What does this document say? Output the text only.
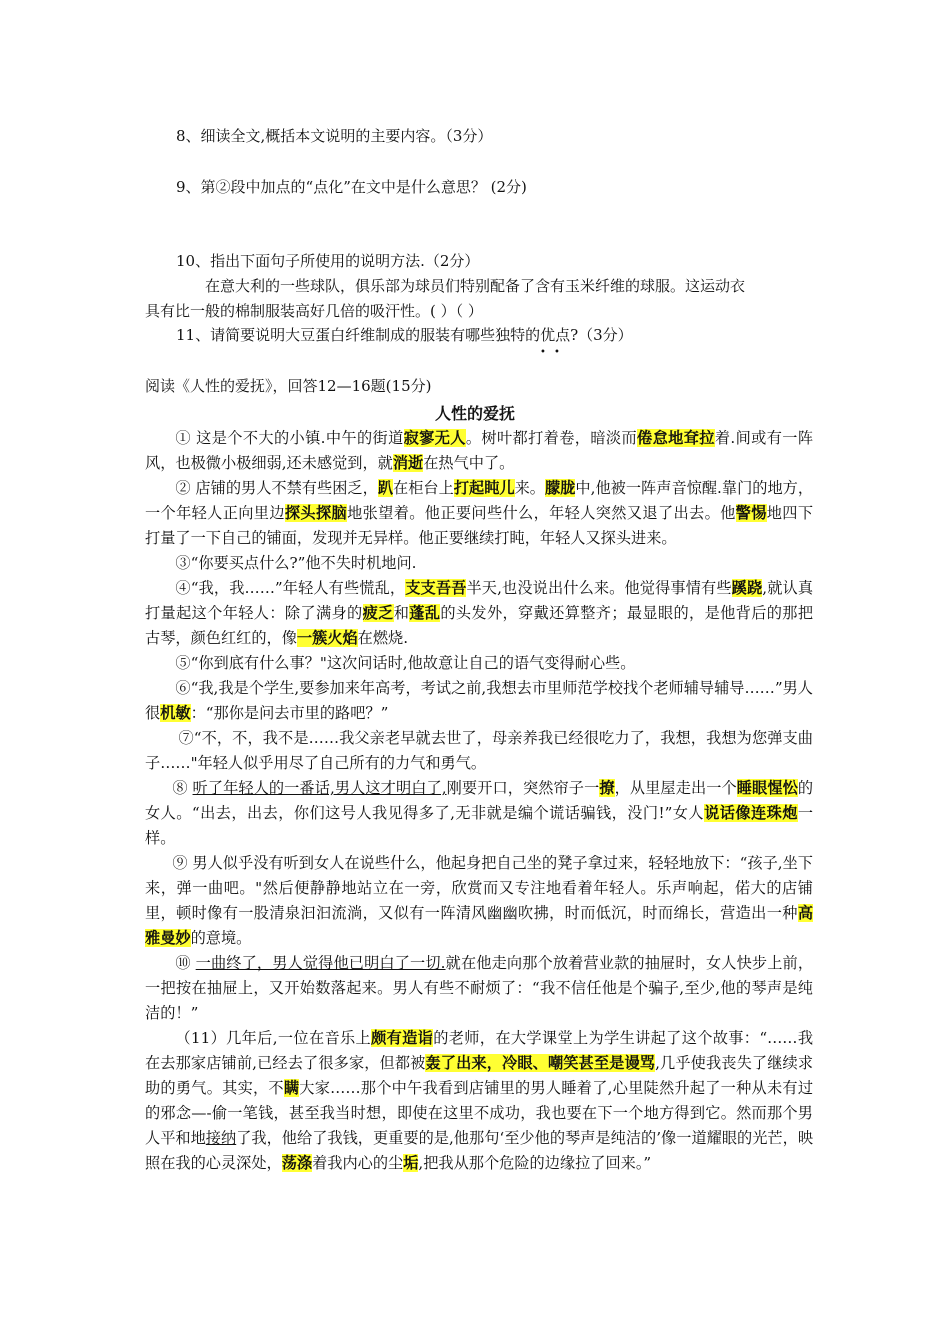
8、细读全文,概括本文说明的主要内容。（3分）
9、第②段中加点的“点化”在文中是什么意思？ (2分)
10、指出下面句子所使用的说明方法.（2分）
在意大利的一些球队，俱乐部为球员们特别配备了含有玉米纤维的球服。这运动衣
具有比一般的棉制服装高好几倍的吸汗性。( ）（ ）
11、请简要说明大豆蛋白纤维制成的服装有哪些独特的优点?（3分）
• •
阅读《人性的爱抚》，回答12—16题(15分)
人性的爱抚

① 这是个不大的小镇.中午的街道寂寥无人。树叶都打着卷，暗淡而倦怠地耷拉着.间或有一阵风，也极微小极细弱,还未感觉到，就消逝在热气中了。

② 店铺的男人不禁有些困乏，趴在柜台上打起盹儿来。朦胧中,他被一阵声音惊醒.靠门的地方，一个年轻人正向里边探头探脑地张望着。他正要问些什么，年轻人突然又退了出去。他警惕地四下打量了一下自己的铺面，发现并无异样。他正要继续打盹，年轻人又探头进来。

③“你要买点什么?”他不失时机地问.

④“我，我……”年轻人有些慌乱，支支吾吾半天,也没说出什么来。他觉得事情有些蹊跷,就认真打量起这个年轻人：除了满身的疲乏和蓬乱的头发外，穿戴还算整齐；最显眼的，是他背后的那把古琴，颜色红红的，像一簇火焰在燃烧.

⑤“你到底有什么事？"这次问话时,他故意让自己的语气变得耐心些。

⑥“我,我是个学生,要参加来年高考，考试之前,我想去市里师范学校找个老师辅导辅导……”男人很机敏：“那你是问去市里的路吧？”

⑦“不，不，我不是……我父亲老早就去世了，母亲养我已经很吃力了，我想，我想为您弹支曲子……"年轻人似乎用尽了自己所有的力气和勇气。

⑧ 听了年轻人的一番话,男人这才明白了,刚要开口，突然帘子一撩，从里屋走出一个睡眼惺忪的女人。“出去，出去，你们这号人我见得多了,无非就是编个谎话骗钱，没门!”女人说话像连珠炮一样。

⑨ 男人似乎没有听到女人在说些什么，他起身把自己坐的凳子拿过来，轻轻地放下：“孩子,坐下来，弹一曲吧。"然后便静静地站立在一旁，欣赏而又专注地看着年轻人。乐声响起，偌大的店铺里，顿时像有一股清泉汩汩流淌，又似有一阵清风幽幽吹拂，时而低沉，时而绵长，营造出一种高雅曼妙的意境。

⑩ 一曲终了，男人觉得他已明白了一切.就在他走向那个放着营业款的抽屉时，女人快步上前，一把按在抽屉上，又开始数落起来。男人有些不耐烦了：“我不信任他是个骗子,至少,他的琴声是纯洁的！”

（11）几年后,一位在音乐上颇有造诣的老师，在大学课堂上为学生讲起了这个故事：“……我在去那家店铺前,已经去了很多家，但都被轰了出来，冷眼、嘲笑甚至是谩骂,几乎使我丧失了继续求助的勇气。其实，不瞒大家……那个中午我看到店铺里的男人睡着了,心里陡然升起了一种从未有过的邪念—-偷一笔钱，甚至我当时想，即使在这里不成功，我也要在下一个地方得到它。然而那个男人平和地接纳了我，他给了我钱，更重要的是,他那句‘至少他的琴声是纯洁的’像一道耀眼的光芒，映照在我的心灵深处，荡涤着我内心的尘垢,把我从那个危险的边缘拉了回来。”
